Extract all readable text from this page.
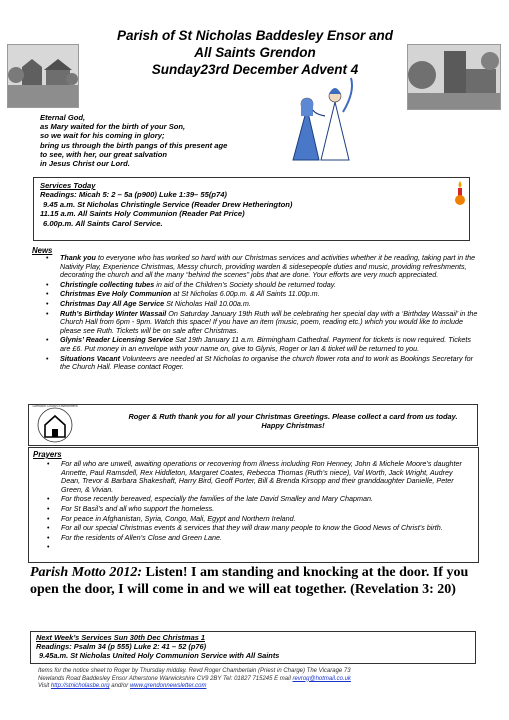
Parish of St Nicholas Baddesley Ensor and
All Saints Grendon
Sunday23rd December Advent 4
Eternal God,
as Mary waited for the birth of your Son,
so we wait for his coming in glory;
bring us through the birth pangs of this present age
to see, with her, our great salvation
in Jesus Christ our Lord.
Services Today
Readings: Micah 5: 2 – 5a (p900) Luke 1:39– 55(p74)
9.45 a.m. St Nicholas Christingle Service (Reader Drew Hetherington)
11.15 a.m. All Saints Holy Communion (Reader Pat Price)
6.00p.m. All Saints Carol Service.
News
• Thank you to everyone who has worked so hard with our Christmas services and activities whether it be reading, taking part in the Nativity Play, Experience Christmas, Messy church, providing warden & sidesepeople duties and music, providing refreshments, decorating the church and all the many “behind the scenes” jobs that are done. Your efforts are very much appreciated.
• Christingle collecting tubes in aid of the Children’s Society should be returned today.
• Christmas Eve Holy Communion at St Nicholas 6.00p.m. & All Saints 11.00p.m.
• Christmas Day All Age Service St Nicholas Hall 10.00a.m.
• Ruth’s Birthday Winter Wassail On Saturday January 19th Ruth will be celebrating her special day with a ‘Birthday Wassail’ in the Church Hall from 6pm - 9pm. Watch this space! If you have an item (music, poem, reading etc.) which you would like to include please see Ruth. Tickets will be on sale after Christmas.
• Glynis’ Reader Licensing Service Sat 19th January 11 a.m. Birmingham Cathedral. Payment for tickets is now required. Tickets are £6. Put money in an envelope with your name on, give to Glynis, Roger or Ian & ticket will be returned to you.
• Situations Vacant Volunteers are needed at St Nicholas to organise the church flower rota and to work as Bookings Secretary for the Church Hall. Please contact Roger.
Grendon Church Environment
Roger & Ruth thank you for all your Christmas Greetings. Please collect a card from us today.
Happy Christmas!
Prayers
• For all who are unwell, awaiting operations or recovering from illness including Ron Henney, John & Michele Moore’s daughter Annette, Paul Ramsdell, Rex Hiddleton, Margaret Coates, Rebecca Thomas (Ruth’s niece), Val Worth, Jack Wright, Audrey Dean, Trevor & Barbara Shakeshaft, Harry Bird, Geoff Porter, Bill & Brenda Kirsopp and their granddaughter Danielle, Peter Green, & Vivian.
• For those recently bereaved, especially the families of the late David Smalley and Mary Chapman.
• For St Basil’s and all who support the homeless.
• For peace in Afghanistan, Syria, Congo, Mali, Egypt and Northern Ireland.
• For all our special Christmas events & services that they will draw many people to know the Good News of Christ’s birth.
• For the residents of Allen’s Close and Green Lane.
•
Parish Motto 2012: Listen! I am standing and knocking at the door. If you open the door, I will come in and we will eat together. (Revelation 3: 20)
Next Week’s Services Sun 30th Dec Christmas 1
Readings: Psalm 34 (p 555) Luke 2: 41 – 52 (p76)
9.45a.m. St Nicholas United Holy Communion Service with All Saints
Items for the notice sheet to Roger by Thursday midday. Revd Roger Chamberlain (Priest in Charge) The Vicarage 73
Newlands Road Baddesley Ensor Atherstone Warwickshire CV9 2BY Tel: 01827 715245 E mail revrog@hotmail.co.uk
Visit http://stnicholasbe.org and/or www.grendonnewsletter.com
